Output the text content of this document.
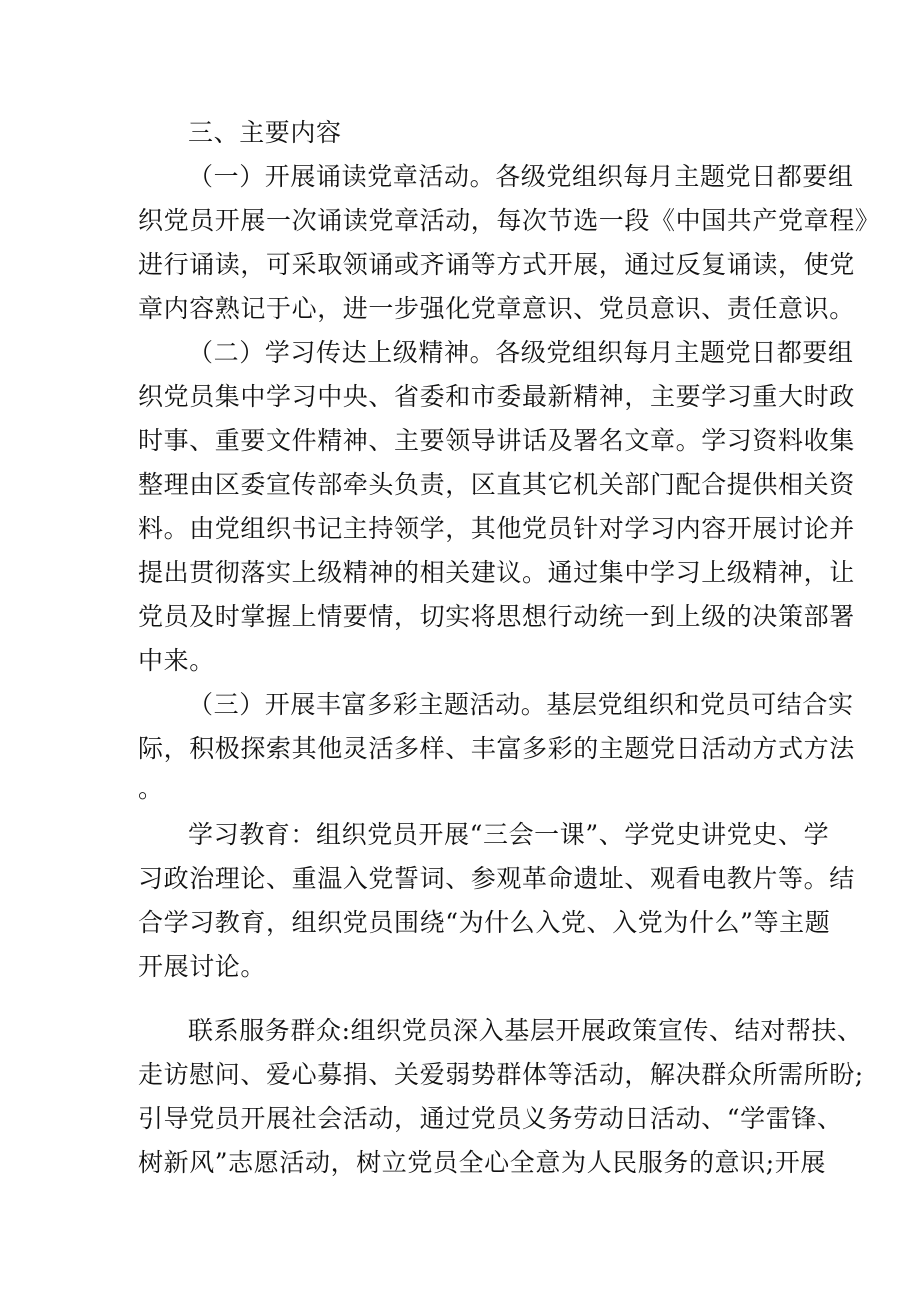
三、主要内容
（一）开展诵读党章活动。各级党组织每月主题党日都要组
织党员开展一次诵读党章活动，每次节选一段《中国共产党章程》
进行诵读，可采取领诵或齐诵等方式开展，通过反复诵读，使党
章内容熟记于心，进一步强化党章意识、党员意识、责任意识。
（二）学习传达上级精神。各级党组织每月主题党日都要组
织党员集中学习中央、省委和市委最新精神，主要学习重大时政
时事、重要文件精神、主要领导讲话及署名文章。学习资料收集
整理由区委宣传部牵头负责，区直其它机关部门配合提供相关资
料。由党组织书记主持领学，其他党员针对学习内容开展讨论并
提出贯彻落实上级精神的相关建议。通过集中学习上级精神，让
党员及时掌握上情要情，切实将思想行动统一到上级的决策部署
中来。
（三）开展丰富多彩主题活动。基层党组织和党员可结合实
际，积极探索其他灵活多样、丰富多彩的主题党日活动方式方法
。
学习教育：组织党员开展“三会一课”、学党史讲党史、学
习政治理论、重温入党誓词、参观革命遗址、观看电教片等。结
合学习教育，组织党员围绕“为什么入党、入党为什么”等主题
开展讨论。
联系服务群众:组织党员深入基层开展政策宣传、结对帮扶、
走访慰问、爱心募捐、关爱弱势群体等活动，解决群众所需所盼;
引导党员开展社会活动，通过党员义务劳动日活动、“学雷锋、
树新风”志愿活动，树立党员全心全意为人民服务的意识;开展
